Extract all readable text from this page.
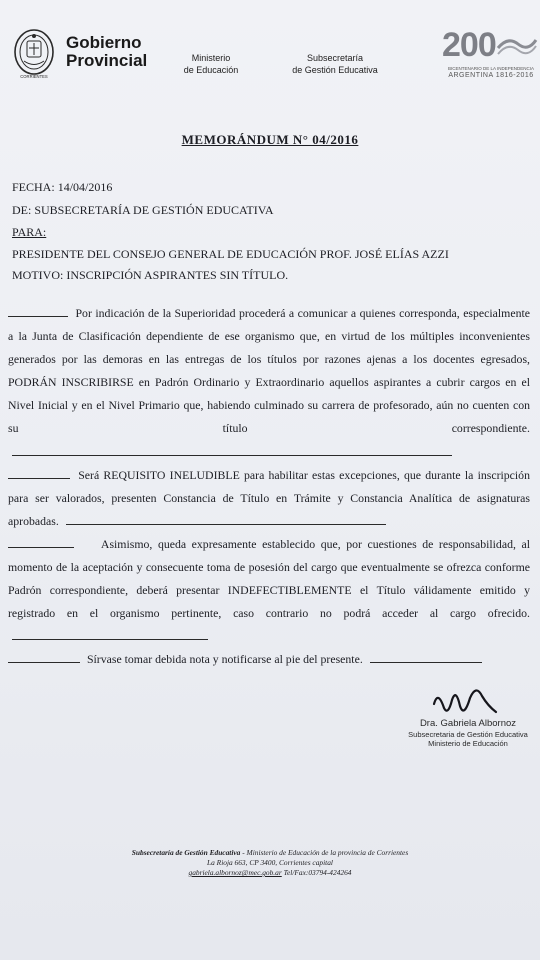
CORRIENTES
Gobierno
Provincial	Ministerio
de Educación
Subsecretaría
de Gestión Educativa
200
BICENTENARIO DE LA INDEPENDENCIA
ARGENTINA 1816-2016
MEMORÁNDUM N° 04/2016
FECHA: 14/04/2016
DE: SUBSECRETARÍA DE GESTIÓN EDUCATIVA
PARA:
PRESIDENTE DEL CONSEJO GENERAL DE EDUCACIÓN PROF. JOSÉ ELÍAS AZZI
MOTIVO: INSCRIPCIÓN ASPIRANTES SIN TÍTULO.

Por indicación de la Superioridad procederá a comunicar a quienes corresponda, especialmente a la Junta de Clasificación dependiente de ese organismo que, en virtud de los múltiples inconvenientes generados por las demoras en las entregas de los títulos por razones ajenas a los docentes egresados, PODRÁN INSCRIBIRSE en Padrón Ordinario y Extraordinario aquellos aspirantes a cubrir cargos en el Nivel Inicial y en el Nivel Primario que, habiendo culminado su carrera de profesorado, aún no cuenten con su título correspondiente.

Será REQUISITO INELUDIBLE para habilitar estas excepciones, que durante la inscripción para ser valorados, presenten Constancia de Título en Trámite y Constancia Analítica de asignaturas aprobadas.

Asimismo, queda expresamente establecido que, por cuestiones de responsabilidad, al momento de la aceptación y consecuente toma de posesión del cargo que eventualmente se ofrezca conforme Padrón correspondiente, deberá presentar INDEFECTIBLEMENTE el Título válidamente emitido y registrado en el organismo pertinente, caso contrario no podrá acceder al cargo ofrecido.

Sírvase tomar debida nota y notificarse al pie del presente.

Dra. Gabriela Albornoz
Subsecretaria de Gestión Educativa
Ministerio de Educación
Subsecretaría de Gestión Educativa - Ministerio de Educación de la provincia de Corrientes
La Rioja 663, CP 3400, Corrientes capital
gabriela.albornoz@mec.gob.ar Tel/Fax:03794-424264
